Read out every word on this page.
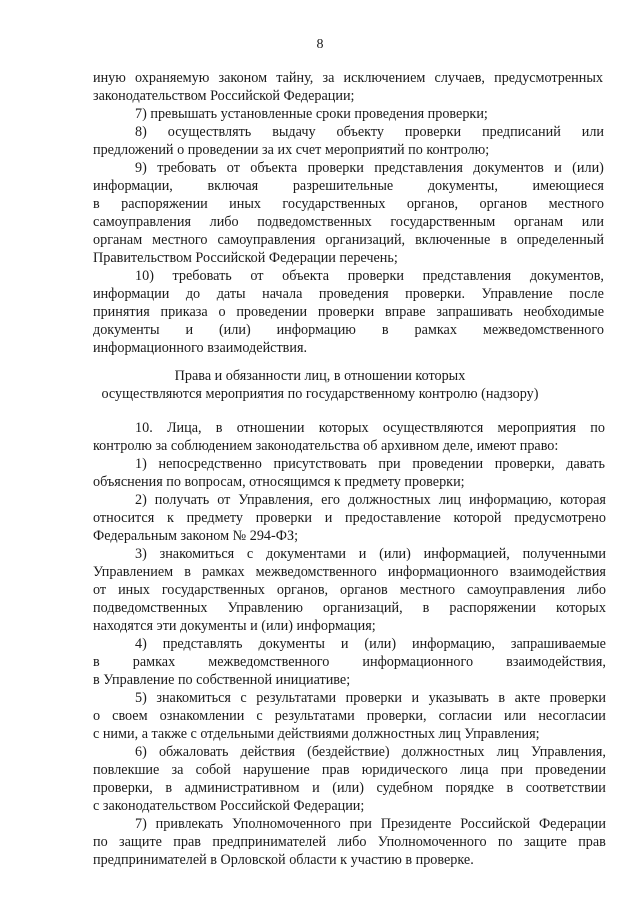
8
иную охраняемую законом тайну, за исключением случаев, предусмотренных
законодательством Российской Федерации;
7) превышать установленные сроки проведения проверки;
8) осуществлять выдачу объекту проверки предписаний или
предложений о проведении за их счет мероприятий по контролю;
9) требовать от объекта проверки представления документов и (или)
информации, включая разрешительные документы, имеющиеся
в распоряжении иных государственных органов, органов местного
самоуправления либо подведомственных государственным органам или
органам местного самоуправления организаций, включенные в определенный
Правительством Российской Федерации перечень;
10) требовать от объекта проверки представления документов,
информации до даты начала проведения проверки. Управление после
принятия приказа о проведении проверки вправе запрашивать необходимые
документы и (или) информацию в рамках межведомственного
информационного взаимодействия.
Права и обязанности лиц, в отношении которых
осуществляются мероприятия по государственному контролю (надзору)
10. Лица, в отношении которых осуществляются мероприятия по
контролю за соблюдением законодательства об архивном деле, имеют право:
1) непосредственно присутствовать при проведении проверки, давать
объяснения по вопросам, относящимся к предмету проверки;
2) получать от Управления, его должностных лиц информацию, которая
относится к предмету проверки и предоставление которой предусмотрено
Федеральным законом № 294-ФЗ;
3) знакомиться с документами и (или) информацией, полученными
Управлением в рамках межведомственного информационного взаимодействия
от иных государственных органов, органов местного самоуправления либо
подведомственных Управлению организаций, в распоряжении которых
находятся эти документы и (или) информация;
4) представлять документы и (или) информацию, запрашиваемые
в рамках межведомственного информационного взаимодействия,
в Управление по собственной инициативе;
5) знакомиться с результатами проверки и указывать в акте проверки
о своем ознакомлении с результатами проверки, согласии или несогласии
с ними, а также с отдельными действиями должностных лиц Управления;
6) обжаловать действия (бездействие) должностных лиц Управления,
повлекшие за собой нарушение прав юридического лица при проведении
проверки, в административном и (или) судебном порядке в соответствии
с законодательством Российской Федерации;
7) привлекать Уполномоченного при Президенте Российской Федерации
по защите прав предпринимателей либо Уполномоченного по защите прав
предпринимателей в Орловской области к участию в проверке.
